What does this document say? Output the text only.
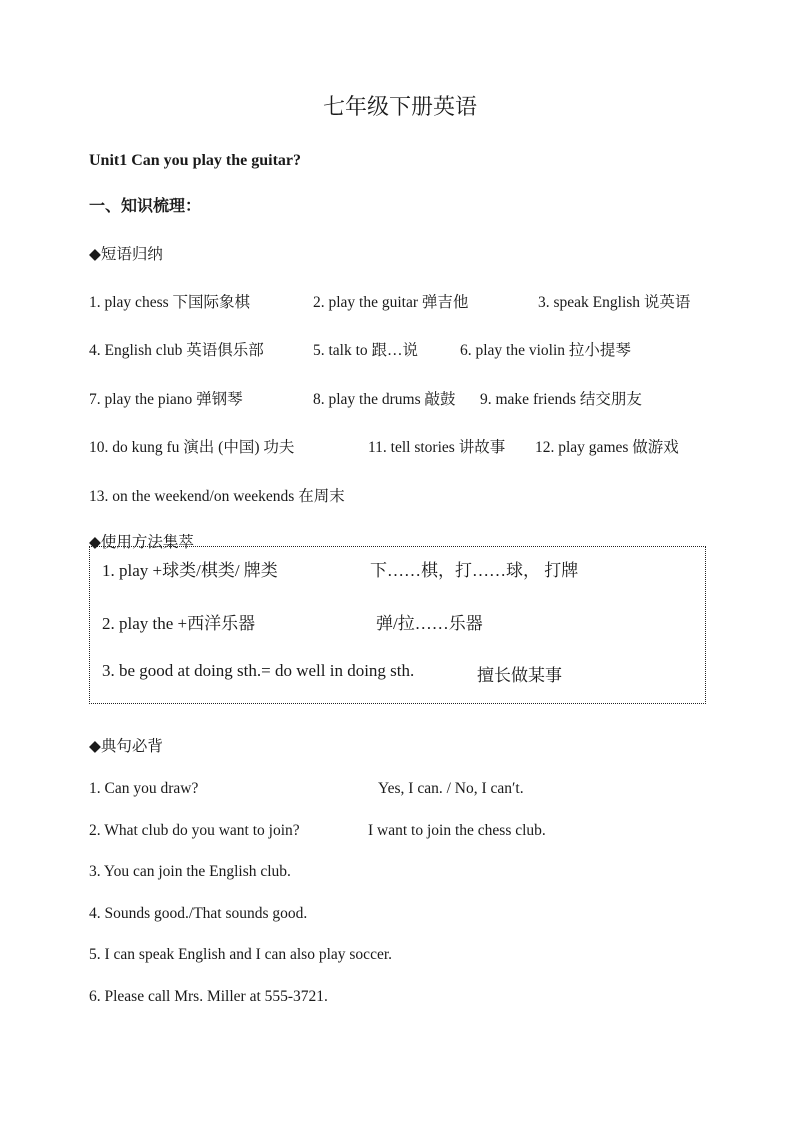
七年级下册英语
Unit1 Can you play the guitar?
一、知识梳理：
◆短语归纳
1. play chess 下国际象棋	2. play the guitar 弹吉他	3. speak English 说英语
4. English club 英语俱乐部	5. talk to 跟…说	6. play the violin 拉小提琴
7. play the piano 弹钢琴	8. play the drums 敲鼓 9. make friends 结交朋友
10. do kung fu 演出 (中国) 功夫	11. tell stories 讲故事 12. play games 做游戏
13. on the weekend/on weekends 在周末
◆使用方法集萃
1. play +球类/棋类/ 牌类	下……棋，打……球， 打牌
2. play the +西洋乐器	弹/拉……乐器
3. be good at doing sth.= do well in doing sth.	擅长做某事
◆典句必背
1. Can you draw?	Yes, I can. / No, I can′t.
2. What club do you want to join?	I want to join the chess club.
3. You can join the English club.
4. Sounds good./That sounds good.
5. I can speak English and I can also play soccer.
6. Please call Mrs. Miller at 555-3721.
